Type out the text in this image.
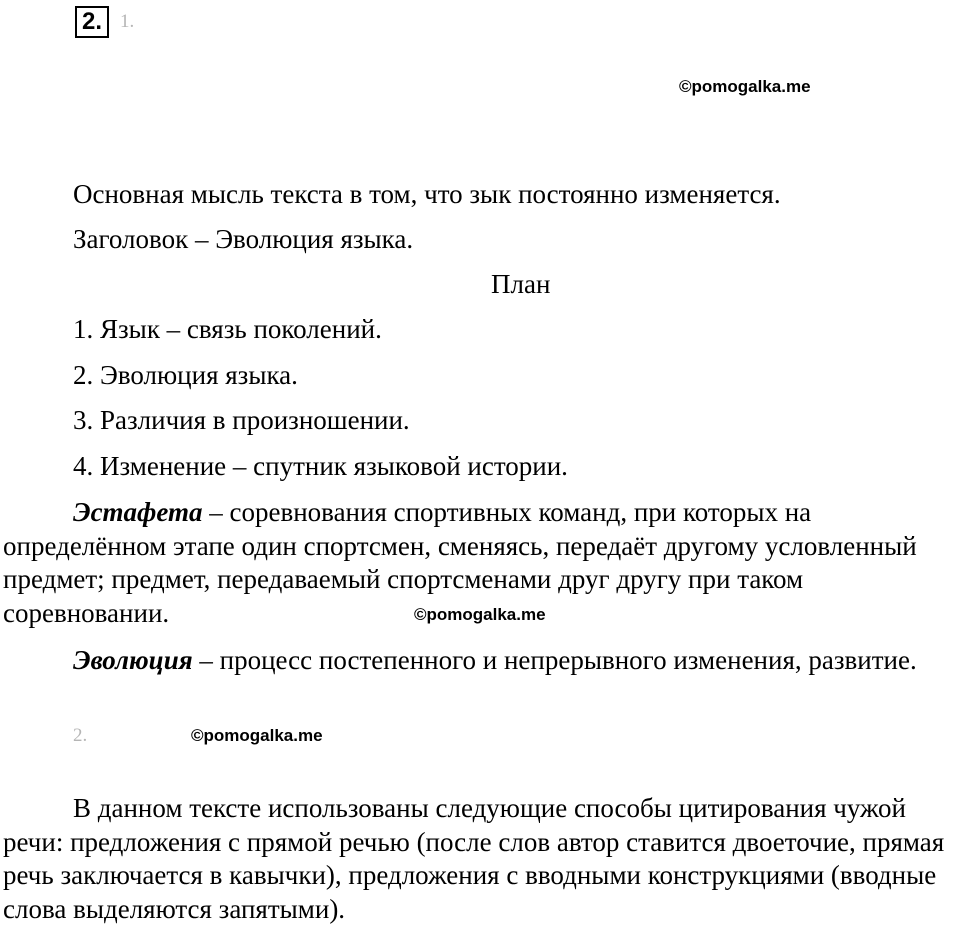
2. 1.
©pomogalka.me
Основная мысль текста в том, что зык постоянно изменяется.
Заголовок – Эволюция языка.
План
1. Язык – связь поколений.
2. Эволюция языка.
3. Различия в произношении.
4. Изменение – спутник языковой истории.
Эстафета – соревнования спортивных команд, при которых на определённом этапе один спортсмен, сменяясь, передаёт другому условленный предмет; предмет, передаваемый спортсменами друг другу при таком соревновании.	©pomogalka.me
Эволюция – процесс постепенного и непрерывного изменения, развитие.
2.	©pomogalka.me
В данном тексте использованы следующие способы цитирования чужой речи: предложения с прямой речью (после слов автор ставится двоеточие, прямая речь заключается в кавычки), предложения с вводными конструкциями (вводные слова выделяются запятыми).
